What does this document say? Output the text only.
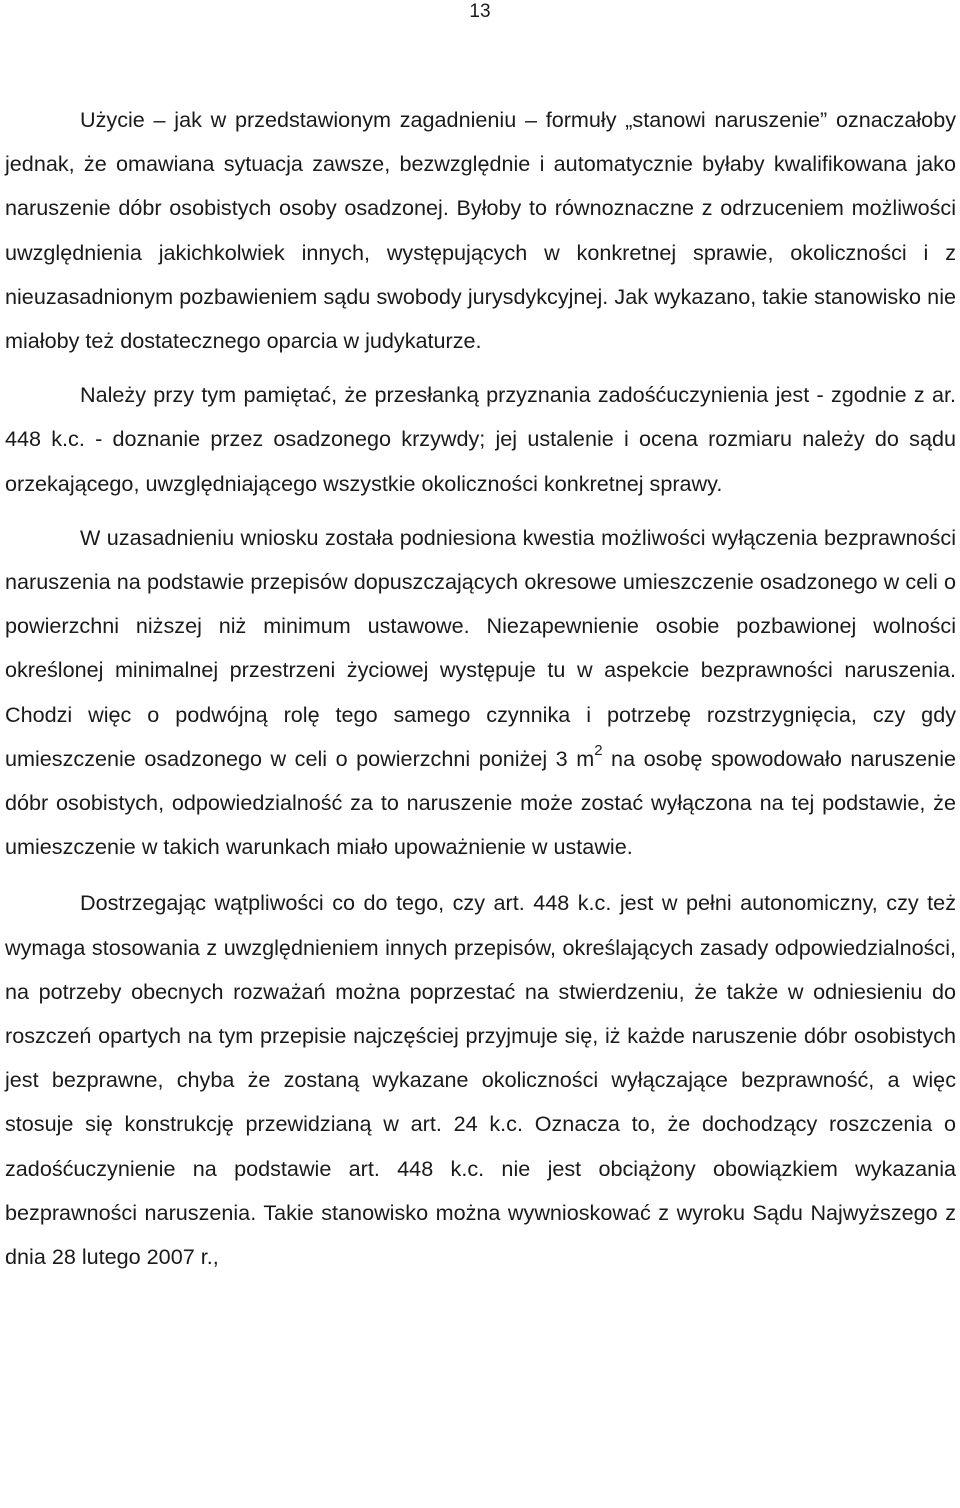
13

Użycie – jak w przedstawionym zagadnieniu – formuły „stanowi naruszenie” oznaczałoby jednak, że omawiana sytuacja zawsze, bezwzględnie i automatycznie byłaby kwalifikowana jako naruszenie dóbr osobistych osoby osadzonej. Byłoby to równoznaczne z odrzuceniem możliwości uwzględnienia jakichkolwiek innych, występujących w konkretnej sprawie, okoliczności i z nieuzasadnionym pozbawieniem sądu swobody jurysdykcyjnej. Jak wykazano, takie stanowisko nie miałoby też dostatecznego oparcia w judykaturze.

Należy przy tym pamiętać, że przesłanką przyznania zadośćuczynienia jest - zgodnie z ar. 448 k.c. - doznanie przez osadzonego krzywdy; jej ustalenie i ocena rozmiaru należy do sądu orzekającego, uwzględniającego wszystkie okoliczności konkretnej sprawy.

W uzasadnieniu wniosku została podniesiona kwestia możliwości wyłączenia bezprawności naruszenia na podstawie przepisów dopuszczających okresowe umieszczenie osadzonego w celi o powierzchni niższej niż minimum ustawowe. Niezapewnienie osobie pozbawionej wolności określonej minimalnej przestrzeni życiowej występuje tu w aspekcie bezprawności naruszenia. Chodzi więc o podwójną rolę tego samego czynnika i potrzebę rozstrzygnięcia, czy gdy umieszczenie osadzonego w celi o powierzchni poniżej 3 $m^2$ na osobę spowodowało naruszenie dóbr osobistych, odpowiedzialność za to naruszenie może zostać wyłączona na tej podstawie, że umieszczenie w takich warunkach miało upoważnienie w ustawie.

Dostrzegając wątpliwości co do tego, czy art. 448 k.c. jest w pełni autonomiczny, czy też wymaga stosowania z uwzględnieniem innych przepisów, określających zasady odpowiedzialności, na potrzeby obecnych rozważań można poprzestać na stwierdzeniu, że także w odniesieniu do roszczeń opartych na tym przepisie najczęściej przyjmuje się, iż każde naruszenie dóbr osobistych jest bezprawne, chyba że zostaną wykazane okoliczności wyłączające bezprawność, a więc stosuje się konstrukcję przewidzianą w art. 24 k.c. Oznacza to, że dochodzący roszczenia o zadośćuczynienie na podstawie art. 448 k.c. nie jest obciążony obowiązkiem wykazania bezprawności naruszenia. Takie stanowisko można wywnioskować z wyroku Sądu Najwyższego z dnia 28 lutego 2007 r.,
